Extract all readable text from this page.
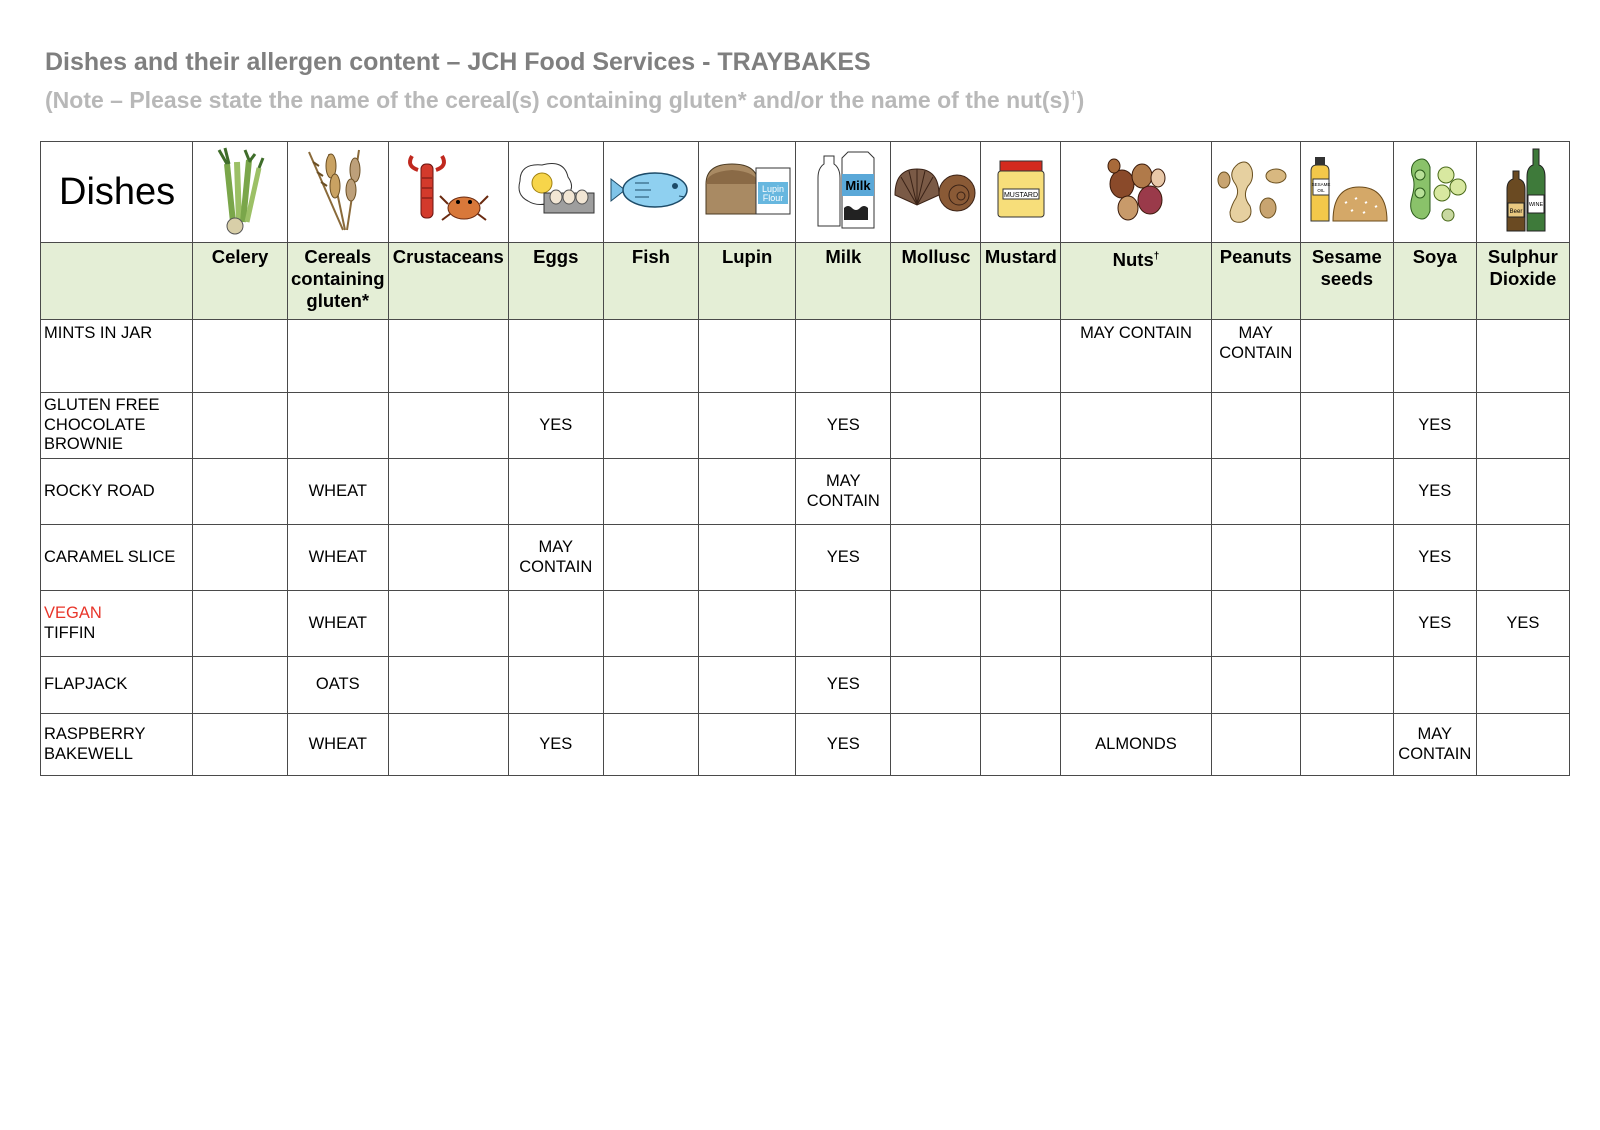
Dishes and their allergen content – JCH Food Services - TRAYBAKES
(Note – Please state the name of the cereal(s) containing gluten* and/or the name of the nut(s)†)
Dishes						Lupin
Flour	Milk		MUSTARD			SESAME
OIL		Beer
WINE

	Celery	Cereals containing gluten*	Crustaceans	Eggs	Fish	Lupin	Milk	Mollusc	Mustard	Nuts†	Peanuts	Sesame seeds	Soya	Sulphur Dioxide
MINTS IN JAR										MAY CONTAIN	MAY CONTAIN			
GLUTEN FREE CHOCOLATE BROWNIE				YES			YES						YES	
ROCKY ROAD		WHEAT					MAY CONTAIN						YES	
CARAMEL SLICE		WHEAT		MAY CONTAIN			YES						YES	
VEGAN
TIFFIN		WHEAT											YES	YES
FLAPJACK		OATS					YES							
RASPBERRY BAKEWELL		WHEAT		YES			YES			ALMONDS			MAY CONTAIN	
